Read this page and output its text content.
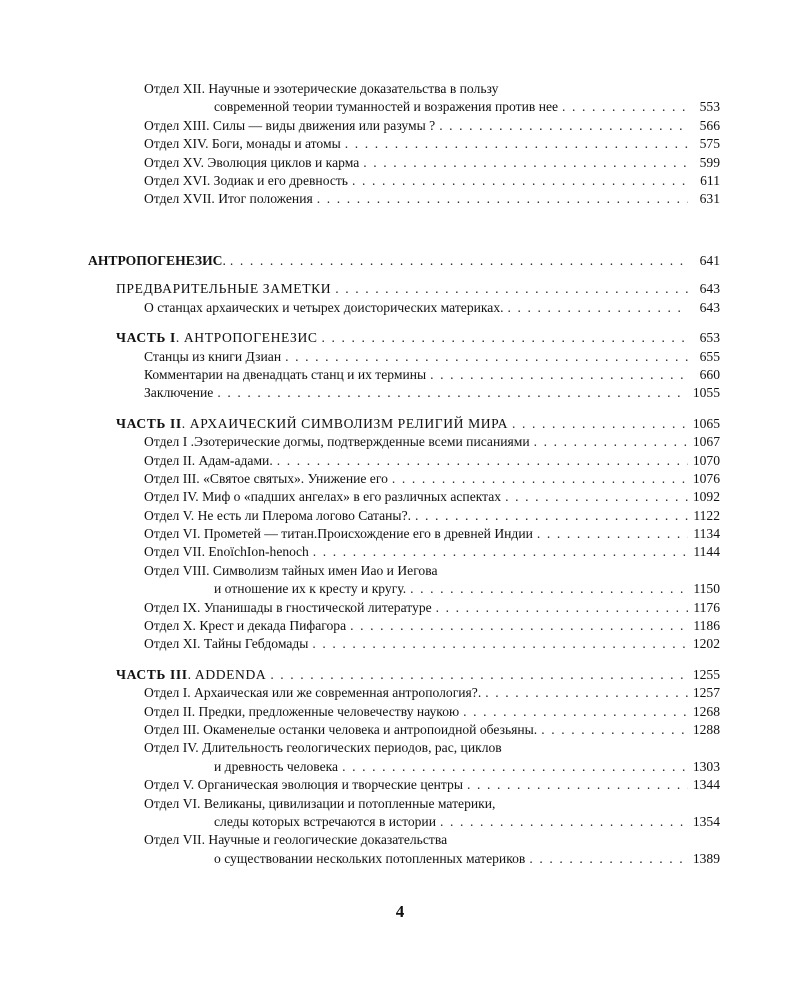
Отдел XII. Научные и эзотерические доказательства в пользу
современной теории туманностей и возражения против нее . . .	553
Отдел XIII. Силы — виды движения или разумы ? . . .	566
Отдел XIV. Боги, монады и атомы . . .	575
Отдел XV. Эволюция циклов и карма . . .	599
Отдел XVI. Зодиак и его древность . . .	611
Отдел XVII. Итог положения . . .	631
АНТРОПОГЕНЕЗИС. . . .	641
ПРЕДВАРИТЕЛЬНЫЕ ЗАМЕТКИ . . .	643
О станцах архаических и четырех доисторических материках. . . .	643
ЧАСТЬ I. АНТРОПОГЕНЕЗИС . . .	653
Станцы из книги Дзиан . . .	655
Комментарии на двенадцать станц и их термины . . .	660
Заключение . . .	1055
ЧАСТЬ II. АРХАИЧЕСКИЙ СИМВОЛИЗМ РЕЛИГИЙ МИРА . . .	1065
Отдел I .Эзотерические догмы, подтвержденные всеми писаниями . . .	1067
Отдел II. Адам-адами. . . .	1070
Отдел III. «Святое святых». Унижение его . . .	1076
Отдел IV. Миф о «падших ангелах» в его различных аспектах . . .	1092
Отдел V. Не есть ли Плерома логово Сатаны?. . . .	1122
Отдел VI. Прометей — титан.Происхождение его в древней Индии . . .	1134
Отдел VII. EnoїchIon-henoch . . .	1144
Отдел VIII. Символизм тайных имен Иао и Иегова
и отношение их к кресту и кругу. . . .	1150
Отдел IX. Упанишады в гностической литературе . . .	1176
Отдел X. Крест и декада Пифагора . . .	1186
Отдел XI. Тайны Гебдомады . . .	1202
ЧАСТЬ III. ADDENDA . . .	1255
Отдел I. Архаическая или же современная антропология?. . . .	1257
Отдел II. Предки, предложенные человечеству наукою . . .	1268
Отдел III. Окаменелые останки человека и антропоидной обезьяны. . . .	1288
Отдел IV. Длительность геологических периодов, рас, циклов
и древность человека . . .	1303
Отдел V. Органическая эволюция и творческие центры . . .	1344
Отдел VI. Великаны, цивилизации и потопленные материки,
следы которых встречаются в истории . . .	1354
Отдел VII. Научные и геологические доказательства
о существовании нескольких потопленных материков . . .	1389
4
